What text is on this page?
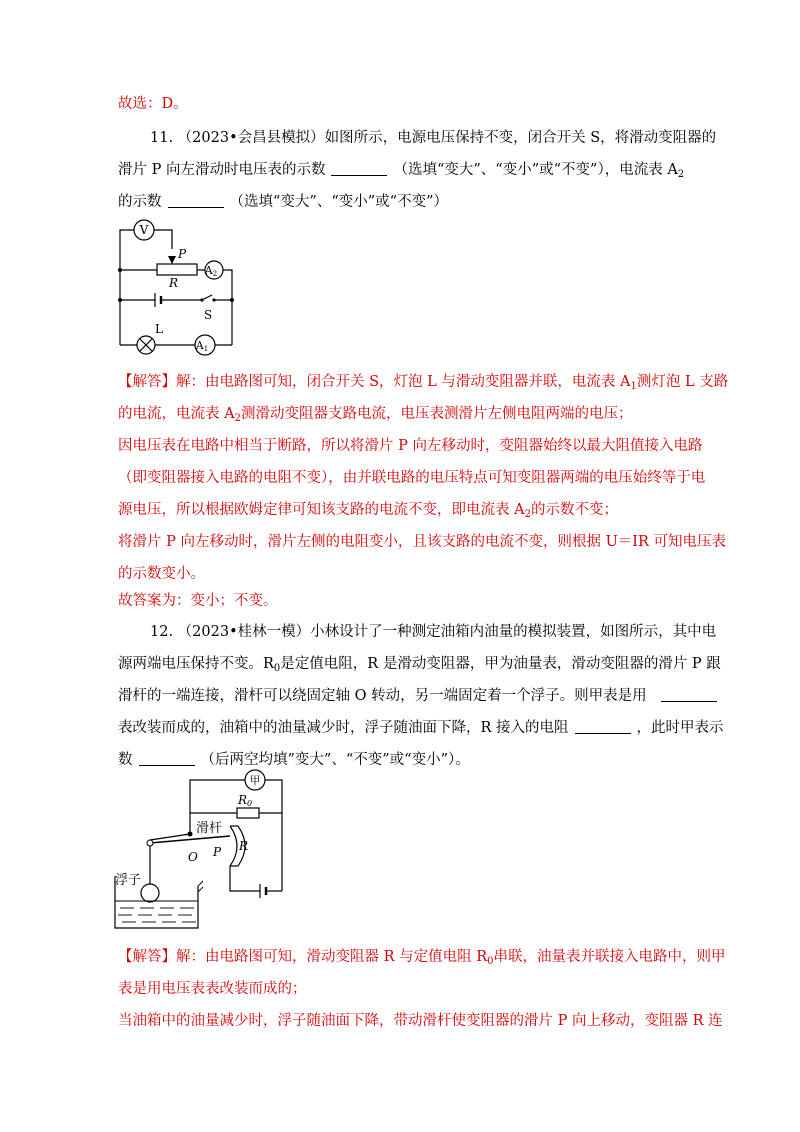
故选：D。
11. （2023•会昌县模拟）如图所示，电源电压保持不变，闭合开关 S，将滑动变阻器的
滑片 P 向左滑动时电压表的示数	（选填“变大”、“变小”或“不变”），电流表 $A_2$
的示数	（选填“变大”、“变小”或“不变”）
V
P
R
A2
S
L
A1
【解答】解：由电路图可知，闭合开关 S，灯泡 L 与滑动变阻器并联，电流表 $A_1$测灯泡 L 支路
的电流，电流表 $A_2$测滑动变阻器支路电流，电压表测滑片左侧电阻两端的电压；
因电压表在电路中相当于断路，所以将滑片 P 向左移动时，变阻器始终以最大阻值接入电路
（即变阻器接入电路的电阻不变），由并联电路的电压特点可知变阻器两端的电压始终等于电
源电压，所以根据欧姆定律可知该支路的电流不变，即电流表 $A_2$的示数不变；
将滑片 P 向左移动时，滑片左侧的电阻变小，且该支路的电流不变，则根据 U＝IR 可知电压表
的示数变小。
故答案为：变小；不变。
12. （2023•桂林一模）小林设计了一种测定油箱内油量的模拟装置，如图所示，其中电
源两端电压保持不变。$R_0$是定值电阻，R 是滑动变阻器，甲为油量表，滑动变阻器的滑片 P 跟
滑杆的一端连接，滑杆可以绕固定轴 O 转动，另一端固定着一个浮子。则甲表是用
表改装而成的，油箱中的油量减少时，浮子随油面下降，R 接入的电阻	，此时甲表示
数	（后两空均填”变大”、“不变”或“变小”）。
甲
R0
滑杆
O P R
浮子
【解答】解：由电路图可知，滑动变阻器 R 与定值电阻 $R_0$串联，油量表并联接入电路中，则甲
表是用电压表表改装而成的；
当油箱中的油量减少时，浮子随油面下降，带动滑杆使变阻器的滑片 P 向上移动，变阻器 R 连
